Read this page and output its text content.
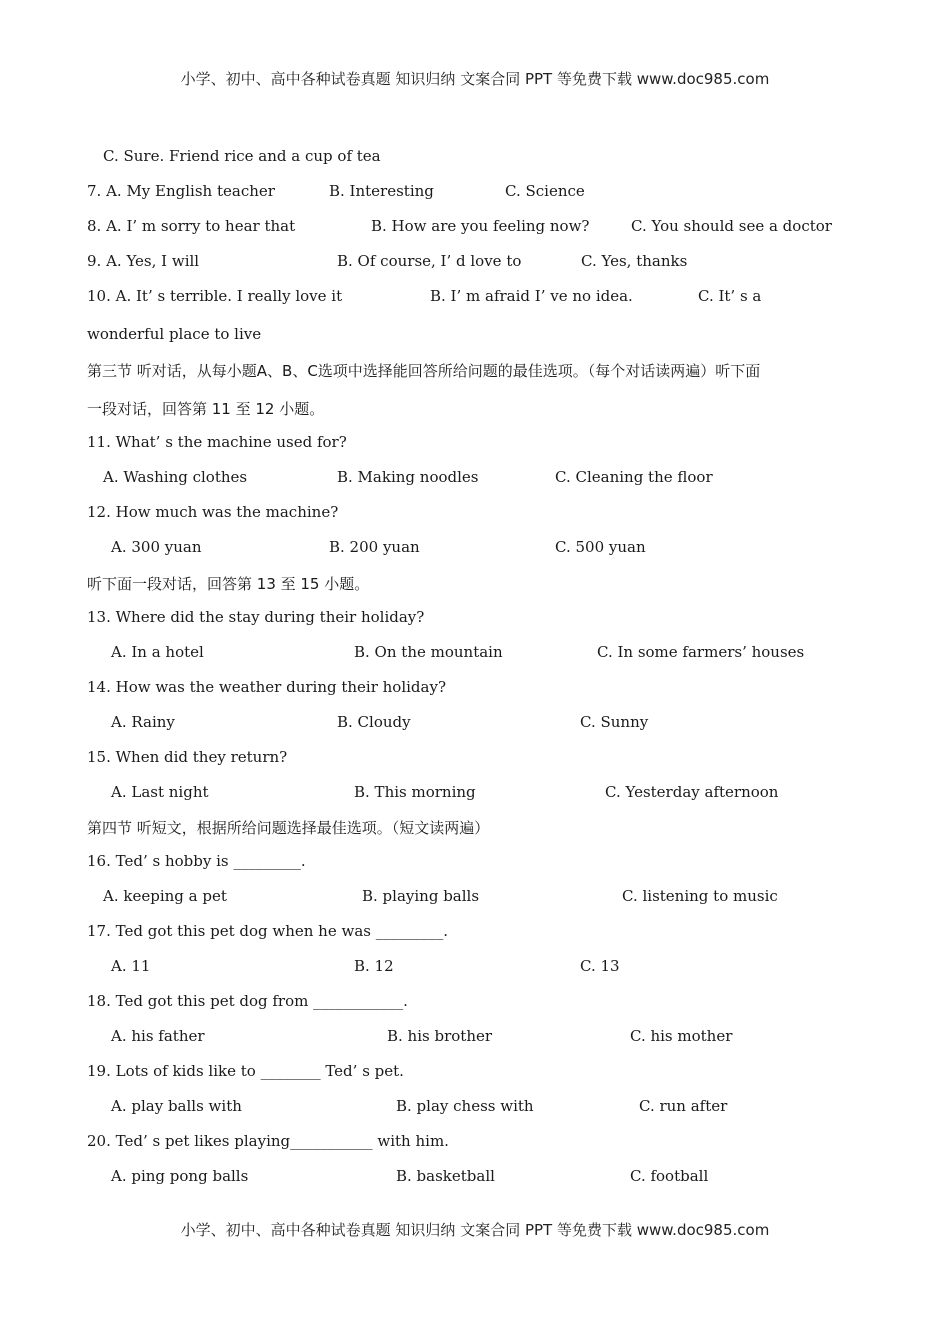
小学、初中、高中各种试卷真题 知识归纳 文案合同 PPT 等免费下载 www.doc985.com
C. Sure. Friend rice and a cup of tea
7. A. My English teacher	B. Interesting	C. Science
8. A. I’ m sorry to hear that	B. How are you feeling now?	C. You should see a doctor
9. A. Yes, I will	B. Of course, I’ d love to	C. Yes, thanks
10. A. It’ s terrible. I really love it	B. I’ m afraid I’ ve no idea.	C. It’ s a
wonderful place to live
第三节 听对话，从每小题A、B、C选项中选择能回答所给问题的最佳选项。（每个对话读两遍）听下面
一段对话，回答第 11 至 12 小题。
11. What’ s the machine used for?
A. Washing clothes	B. Making noodles	C. Cleaning the floor
12. How much was the machine?
A. 300 yuan	B. 200 yuan	C. 500 yuan
听下面一段对话，回答第 13 至 15 小题。
13. Where did the stay during their holiday?
A. In a hotel	B. On the mountain	C. In some farmers’ houses
14. How was the weather during their holiday?
A. Rainy	B. Cloudy	C. Sunny
15. When did they return?
A. Last night	B. This morning	C. Yesterday afternoon
第四节 听短文，根据所给问题选择最佳选项。（短文读两遍）
16. Ted’ s hobby is _________.
A. keeping a pet	B. playing balls	C. listening to music
17. Ted got this pet dog when he was _________.
A. 11	B. 12	C. 13
18. Ted got this pet dog from ____________.
A. his father	B. his brother	C. his mother
19. Lots of kids like to ________ Ted’ s pet.
A. play balls with	B. play chess with	C. run after
20. Ted’ s pet likes playing___________ with him.
A. ping pong balls	B. basketball	C. football
小学、初中、高中各种试卷真题 知识归纳 文案合同 PPT 等免费下载 www.doc985.com
